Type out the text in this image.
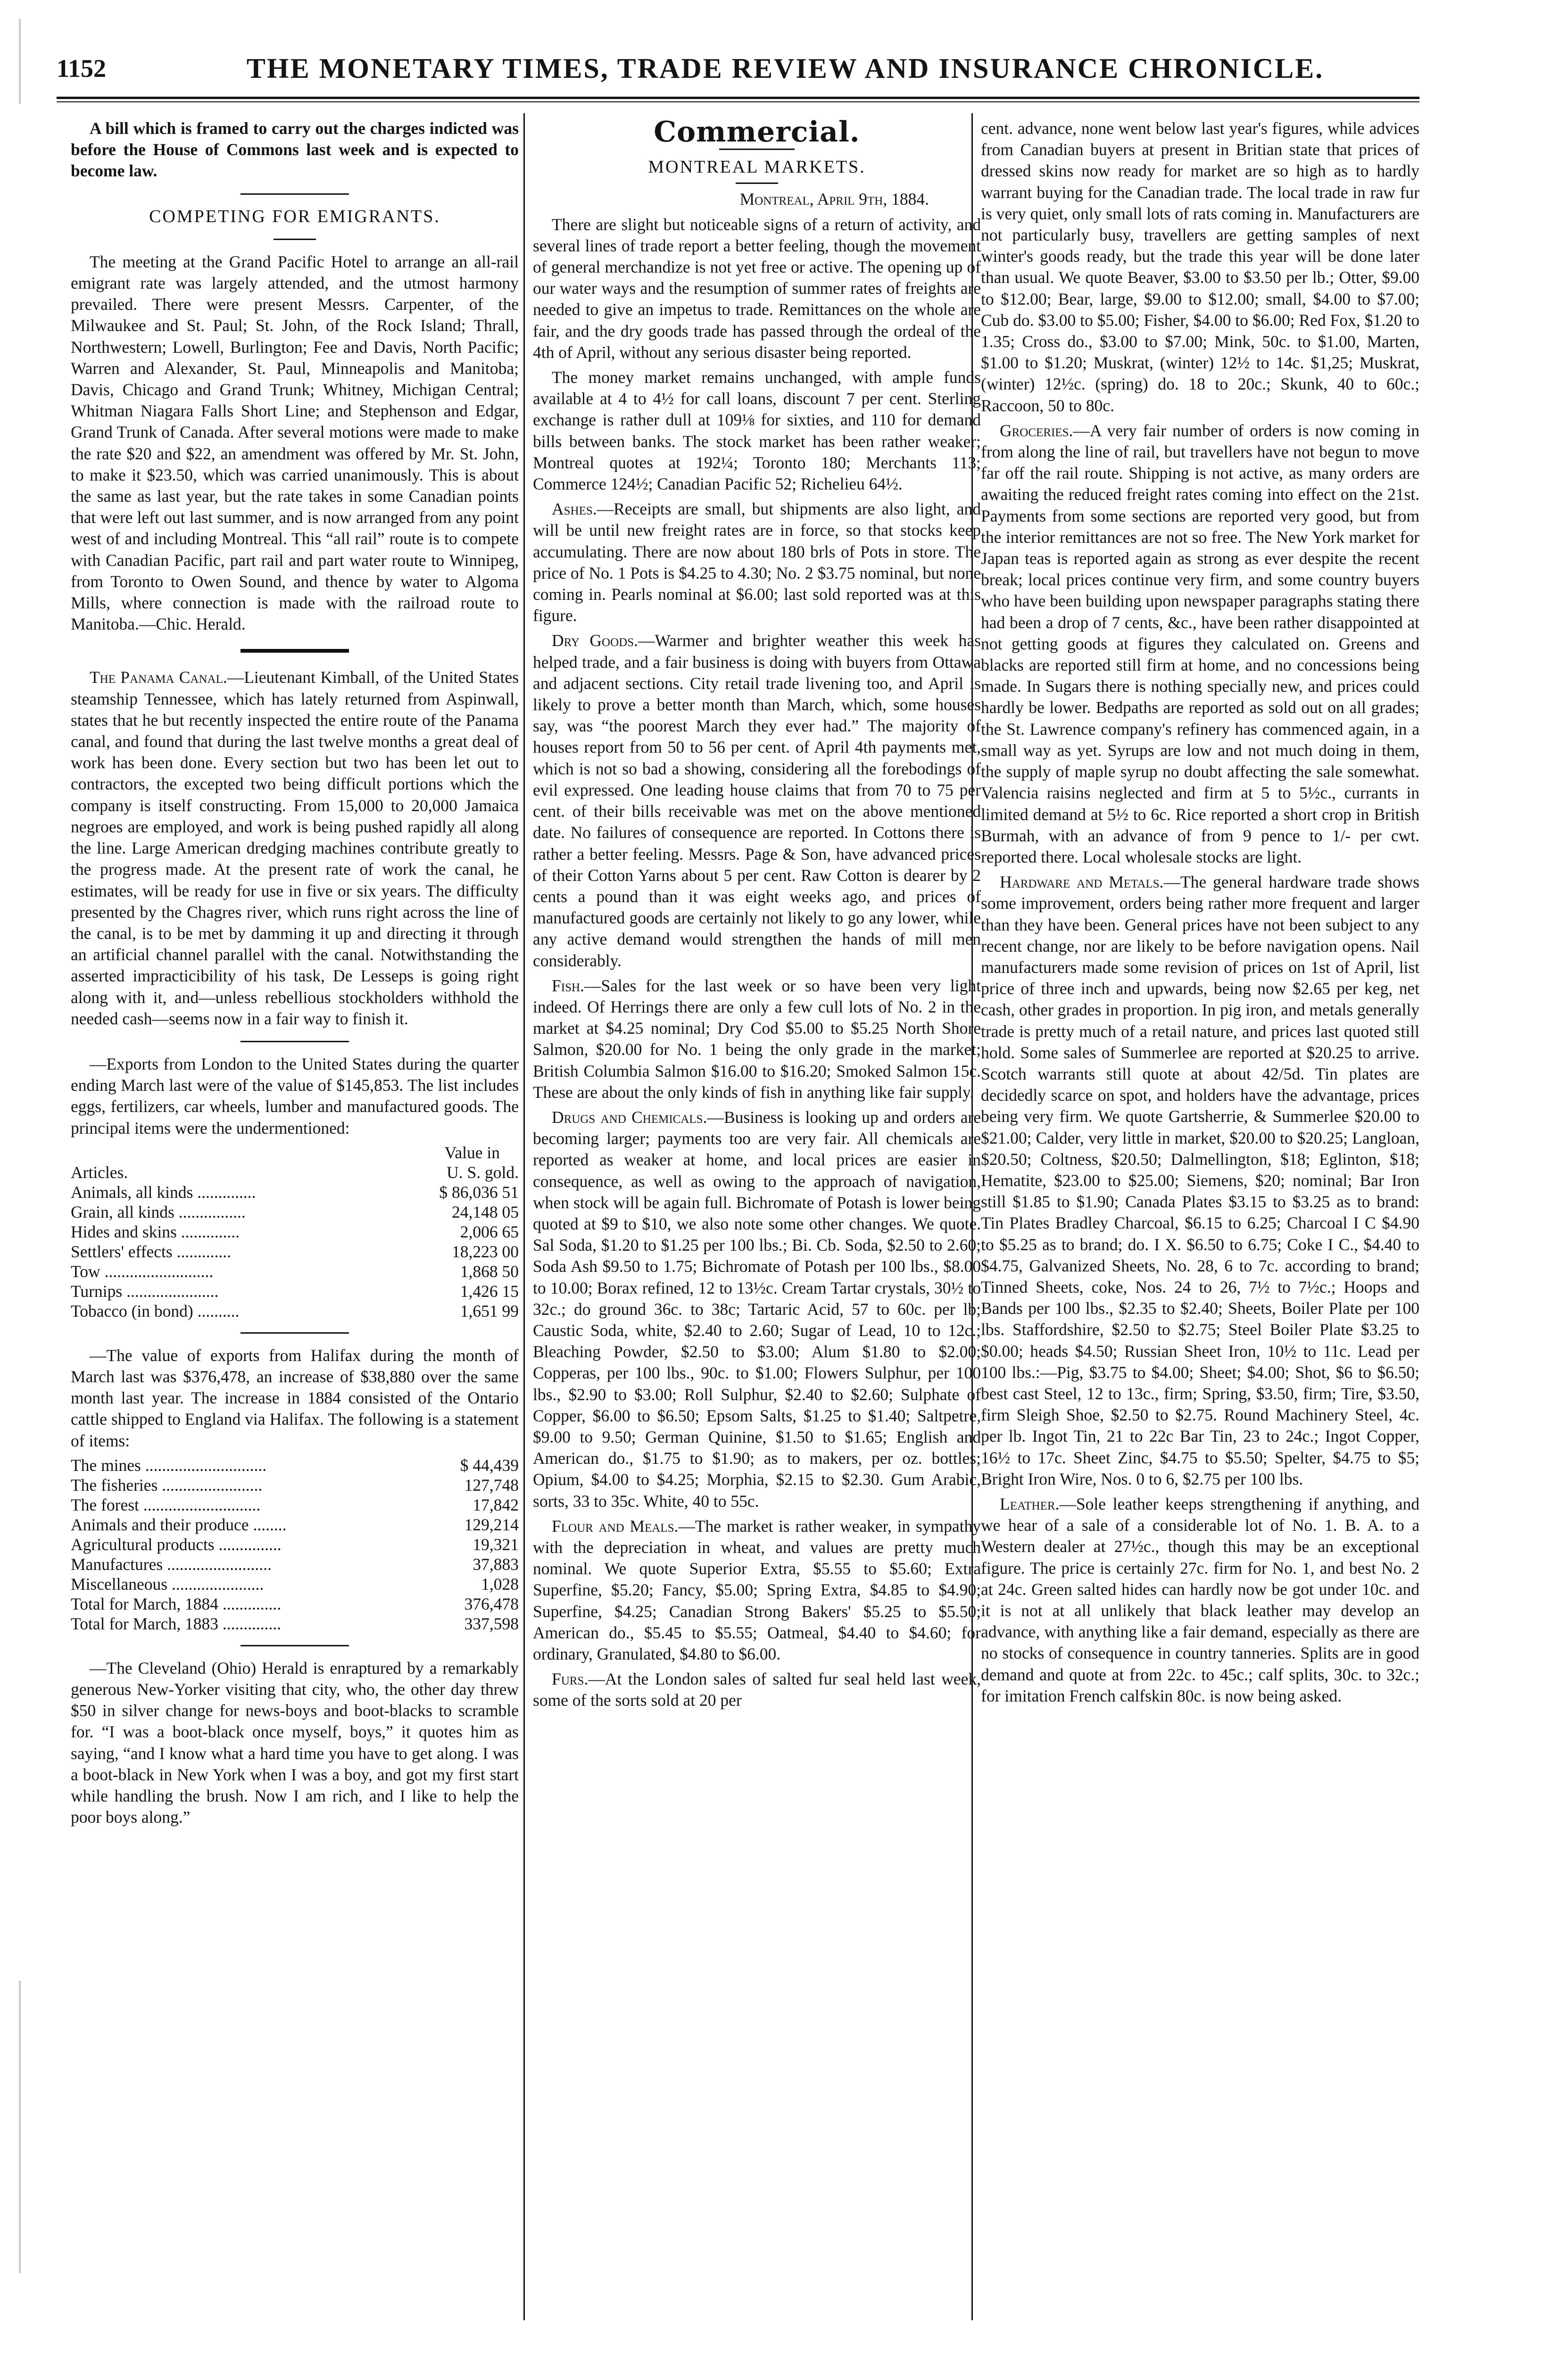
1152	THE MONETARY TIMES, TRADE REVIEW AND INSURANCE CHRONICLE.

A bill which is framed to carry out the charges indicted was before the House of Commons last week and is expected to become law.

COMPETING FOR EMIGRANTS.

The meeting at the Grand Pacific Hotel to arrange an all-rail emigrant rate was largely attended, and the utmost harmony prevailed. There were present Messrs. Carpenter, of the Milwaukee and St. Paul; St. John, of the Rock Island; Thrall, Northwestern; Lowell, Burlington; Fee and Davis, North Pacific; Warren and Alexander, St. Paul, Minneapolis and Manitoba; Davis, Chicago and Grand Trunk; Whitney, Michigan Central; Whitman Niagara Falls Short Line; and Stephenson and Edgar, Grand Trunk of Canada. After several motions were made to make the rate $20 and $22, an amendment was offered by Mr. St. John, to make it $23.50, which was carried unanimously. This is about the same as last year, but the rate takes in some Canadian points that were left out last summer, and is now arranged from any point west of and including Montreal. This “all rail” route is to compete with Canadian Pacific, part rail and part water route to Winnipeg, from Toronto to Owen Sound, and thence by water to Algoma Mills, where connection is made with the railroad route to Manitoba.—Chic. Herald.

The Panama Canal.—Lieutenant Kimball, of the United States steamship Tennessee, which has lately returned from Aspinwall, states that he but recently inspected the entire route of the Panama canal, and found that during the last twelve months a great deal of work has been done. Every section but two has been let out to contractors, the excepted two being difficult portions which the company is itself constructing. From 15,000 to 20,000 Jamaica negroes are employed, and work is being pushed rapidly all along the line. Large American dredging machines contribute greatly to the progress made. At the present rate of work the canal, he estimates, will be ready for use in five or six years. The difficulty presented by the Chagres river, which runs right across the line of the canal, is to be met by damming it up and directing it through an artificial channel parallel with the canal. Notwithstanding the asserted impracticibility of his task, De Lesseps is going right along with it, and—unless rebellious stockholders withhold the needed cash—seems now in a fair way to finish it.

—Exports from London to the United States during the quarter ending March last were of the value of $145,853. The list includes eggs, fertilizers, car wheels, lumber and manufactured goods. The principal items were the undermentioned:

	Value in
Articles.	U. S. gold.
Animals, all kinds ..............	$ 86,036 51
Grain, all kinds ................	24,148 05
Hides and skins ..............	2,006 65
Settlers' effects .............	18,223 00
Tow ..........................	1,868 50
Turnips ......................	1,426 15
Tobacco (in bond) ..........	1,651 99

—The value of exports from Halifax during the month of March last was $376,478, an increase of $38,880 over the same month last year. The increase in 1884 consisted of the Ontario cattle shipped to England via Halifax. The following is a statement of items:

The mines .............................	$ 44,439
The fisheries ........................	127,748
The forest ............................	17,842
Animals and their produce ........	129,214
Agricultural products ...............	19,321
Manufactures .........................	37,883
Miscellaneous ......................	1,028
Total for March, 1884 ..............	376,478
Total for March, 1883 ..............	337,598

—The Cleveland (Ohio) Herald is enraptured by a remarkably generous New-Yorker visiting that city, who, the other day threw $50 in silver change for news-boys and boot-blacks to scramble for. “I was a boot-black once myself, boys,” it quotes him as saying, “and I know what a hard time you have to get along. I was a boot-black in New York when I was a boy, and got my first start while handling the brush. Now I am rich, and I like to help the poor boys along.”

Commercial.

MONTREAL MARKETS.

Montreal, April 9th, 1884.

There are slight but noticeable signs of a return of activity, and several lines of trade report a better feeling, though the movement of general merchandize is not yet free or active. The opening up of our water ways and the resumption of summer rates of freights are needed to give an impetus to trade. Remittances on the whole are fair, and the dry goods trade has passed through the ordeal of the 4th of April, without any serious disaster being reported.

The money market remains unchanged, with ample funds available at 4 to 4½ for call loans, discount 7 per cent. Sterling exchange is rather dull at 109⅛ for sixties, and 110 for demand bills between banks. The stock market has been rather weaker; Montreal quotes at 192¼; Toronto 180; Merchants 113; Commerce 124½; Canadian Pacific 52; Richelieu 64½.

Ashes.—Receipts are small, but shipments are also light, and will be until new freight rates are in force, so that stocks keep accumulating. There are now about 180 brls of Pots in store. The price of No. 1 Pots is $4.25 to 4.30; No. 2 $3.75 nominal, but none coming in. Pearls nominal at $6.00; last sold reported was at this figure.

Dry Goods.—Warmer and brighter weather this week has helped trade, and a fair business is doing with buyers from Ottawa and adjacent sections. City retail trade livening too, and April is likely to prove a better month than March, which, some houses say, was “the poorest March they ever had.” The majority of houses report from 50 to 56 per cent. of April 4th payments met, which is not so bad a showing, considering all the forebodings of evil expressed. One leading house claims that from 70 to 75 per cent. of their bills receivable was met on the above mentioned date. No failures of consequence are reported. In Cottons there is rather a better feeling. Messrs. Page & Son, have advanced prices of their Cotton Yarns about 5 per cent. Raw Cotton is dearer by 2 cents a pound than it was eight weeks ago, and prices of manufactured goods are certainly not likely to go any lower, while any active demand would strengthen the hands of mill men considerably.

Fish.—Sales for the last week or so have been very light indeed. Of Herrings there are only a few cull lots of No. 2 in the market at $4.25 nominal; Dry Cod $5.00 to $5.25 North Shore Salmon, $20.00 for No. 1 being the only grade in the market; British Columbia Salmon $16.00 to $16.20; Smoked Salmon 15c. These are about the only kinds of fish in anything like fair supply.

Drugs and Chemicals.—Business is looking up and orders are becoming larger; payments too are very fair. All chemicals are reported as weaker at home, and local prices are easier in consequence, as well as owing to the approach of navigation, when stock will be again full. Bichromate of Potash is lower being quoted at $9 to $10, we also note some other changes. We quote. Sal Soda, $1.20 to $1.25 per 100 lbs.; Bi. Cb. Soda, $2.50 to 2.60; Soda Ash $9.50 to 1.75; Bichromate of Potash per 100 lbs., $8.00 to 10.00; Borax refined, 12 to 13½c. Cream Tartar crystals, 30½ to 32c.; do ground 36c. to 38c; Tartaric Acid, 57 to 60c. per lb; Caustic Soda, white, $2.40 to 2.60; Sugar of Lead, 10 to 12c.; Bleaching Powder, $2.50 to $3.00; Alum $1.80 to $2.00; Copperas, per 100 lbs., 90c. to $1.00; Flowers Sulphur, per 100 lbs., $2.90 to $3.00; Roll Sulphur, $2.40 to $2.60; Sulphate of Copper, $6.00 to $6.50; Epsom Salts, $1.25 to $1.40; Saltpetre, $9.00 to 9.50; German Quinine, $1.50 to $1.65; English and American do., $1.75 to $1.90; as to makers, per oz. bottles; Opium, $4.00 to $4.25; Morphia, $2.15 to $2.30. Gum Arabic, sorts, 33 to 35c. White, 40 to 55c.

Flour and Meals.—The market is rather weaker, in sympathy with the depreciation in wheat, and values are pretty much nominal. We quote Superior Extra, $5.55 to $5.60; Extra Superfine, $5.20; Fancy, $5.00; Spring Extra, $4.85 to $4.90; Superfine, $4.25; Canadian Strong Bakers' $5.25 to $5.50; American do., $5.45 to $5.55; Oatmeal, $4.40 to $4.60; for ordinary, Granulated, $4.80 to $6.00.

Furs.—At the London sales of salted fur seal held last week, some of the sorts sold at 20 per

cent. advance, none went below last year's figures, while advices from Canadian buyers at present in Britian state that prices of dressed skins now ready for market are so high as to hardly warrant buying for the Canadian trade. The local trade in raw fur is very quiet, only small lots of rats coming in. Manufacturers are not particularly busy, travellers are getting samples of next winter's goods ready, but the trade this year will be done later than usual. We quote Beaver, $3.00 to $3.50 per lb.; Otter, $9.00 to $12.00; Bear, large, $9.00 to $12.00; small, $4.00 to $7.00; Cub do. $3.00 to $5.00; Fisher, $4.00 to $6.00; Red Fox, $1.20 to 1.35; Cross do., $3.00 to $7.00; Mink, 50c. to $1.00, Marten, $1.00 to $1.20; Muskrat, (winter) 12½ to 14c. $1,25; Muskrat, (winter) 12½c. (spring) do. 18 to 20c.; Skunk, 40 to 60c.; Raccoon, 50 to 80c.

Groceries.—A very fair number of orders is now coming in from along the line of rail, but travellers have not begun to move far off the rail route. Shipping is not active, as many orders are awaiting the reduced freight rates coming into effect on the 21st. Payments from some sections are reported very good, but from the interior remittances are not so free. The New York market for Japan teas is reported again as strong as ever despite the recent break; local prices continue very firm, and some country buyers who have been building upon newspaper paragraphs stating there had been a drop of 7 cents, &c., have been rather disappointed at not getting goods at figures they calculated on. Greens and blacks are reported still firm at home, and no concessions being made. In Sugars there is nothing specially new, and prices could hardly be lower. Bedpaths are reported as sold out on all grades; the St. Lawrence company's refinery has commenced again, in a small way as yet. Syrups are low and not much doing in them, the supply of maple syrup no doubt affecting the sale somewhat. Valencia raisins neglected and firm at 5 to 5½c., currants in limited demand at 5½ to 6c. Rice reported a short crop in British Burmah, with an advance of from 9 pence to 1/- per cwt. reported there. Local wholesale stocks are light.

Hardware and Metals.—The general hardware trade shows some improvement, orders being rather more frequent and larger than they have been. General prices have not been subject to any recent change, nor are likely to be before navigation opens. Nail manufacturers made some revision of prices on 1st of April, list price of three inch and upwards, being now $2.65 per keg, net cash, other grades in proportion. In pig iron, and metals generally trade is pretty much of a retail nature, and prices last quoted still hold. Some sales of Summerlee are reported at $20.25 to arrive. Scotch warrants still quote at about 42/5d. Tin plates are decidedly scarce on spot, and holders have the advantage, prices being very firm. We quote Gartsherrie, & Summerlee $20.00 to $21.00; Calder, very little in market, $20.00 to $20.25; Langloan, $20.50; Coltness, $20.50; Dalmellington, $18; Eglinton, $18; Hematite, $23.00 to $25.00; Siemens, $20; nominal; Bar Iron still $1.85 to $1.90; Canada Plates $3.15 to $3.25 as to brand: Tin Plates Bradley Charcoal, $6.15 to 6.25; Charcoal I C $4.90 to $5.25 as to brand; do. I X. $6.50 to 6.75; Coke I C., $4.40 to $4.75, Galvanized Sheets, No. 28, 6 to 7c. according to brand; Tinned Sheets, coke, Nos. 24 to 26, 7½ to 7½c.; Hoops and Bands per 100 lbs., $2.35 to $2.40; Sheets, Boiler Plate per 100 lbs. Staffordshire, $2.50 to $2.75; Steel Boiler Plate $3.25 to $0.00; heads $4.50; Russian Sheet Iron, 10½ to 11c. Lead per 100 lbs.:—Pig, $3.75 to $4.00; Sheet; $4.00; Shot, $6 to $6.50; best cast Steel, 12 to 13c., firm; Spring, $3.50, firm; Tire, $3.50, firm Sleigh Shoe, $2.50 to $2.75. Round Machinery Steel, 4c. per lb. Ingot Tin, 21 to 22c Bar Tin, 23 to 24c.; Ingot Copper, 16½ to 17c. Sheet Zinc, $4.75 to $5.50; Spelter, $4.75 to $5; Bright Iron Wire, Nos. 0 to 6, $2.75 per 100 lbs.

Leather.—Sole leather keeps strengthening if anything, and we hear of a sale of a considerable lot of No. 1. B. A. to a Western dealer at 27½c., though this may be an exceptional figure. The price is certainly 27c. firm for No. 1, and best No. 2 at 24c. Green salted hides can hardly now be got under 10c. and it is not at all unlikely that black leather may develop an advance, with anything like a fair demand, especially as there are no stocks of consequence in country tanneries. Splits are in good demand and quote at from 22c. to 45c.; calf splits, 30c. to 32c.; for imitation French calfskin 80c. is now being asked.
